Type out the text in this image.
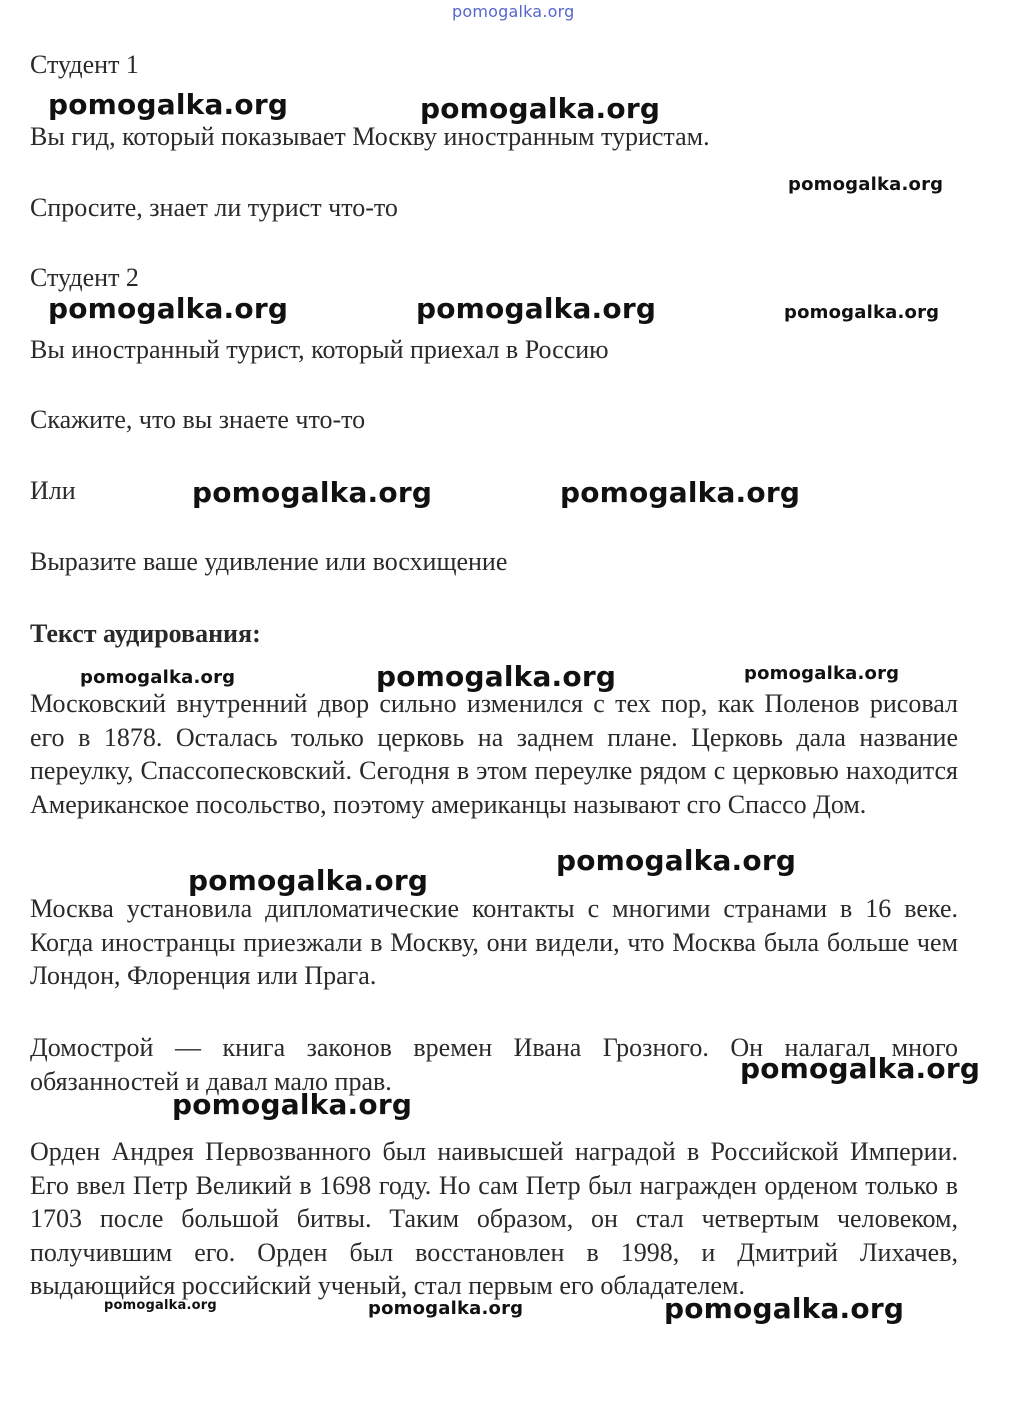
pomogalka.org
Студент 1
Вы гид, который показывает Москву иностранным туристам.
Спросите, знает ли турист что-то
Студент 2
Вы иностранный турист, который приехал в Россию
Скажите, что вы знаете что-то
Или
Выразите ваше удивление или восхищение
Текст аудирования:
Московский внутренний двор сильно изменился с тех пор, как Поленов рисовал его в 1878. Осталась только церковь на заднем плане. Церковь дала название переулку, Спассопесковский. Сегодня в этом переулке рядом с церковью находится Американское посольство, поэтому американцы называют сго Спассо Дом.
Москва установила дипломатические контакты с многими странами в 16 веке. Когда иностранцы приезжали в Москву, они видели, что Москва была больше чем Лондон, Флоренция или Прага.
Домострой — книга законов времен Ивана Грозного. Он налагал много обязанностей и давал мало прав.
Орден Андрея Первозванного был наивысшей наградой в Российской Империи. Его ввел Петр Великий в 1698 году. Но сам Петр был награжден орденом только в 1703 после большой битвы. Таким образом, он стал четвертым человеком, получившим его. Орден был восстановлен в 1998, и Дмитрий Лихачев, выдающийся российский ученый, стал первым его обладателем.
pomogalka.org	pomogalka.org
pomogalka.org
pomogalka.org	pomogalka.org	pomogalka.org
pomogalka.org	pomogalka.org
pomogalka.org	pomogalka.org	pomogalka.org
pomogalka.org
pomogalka.org
pomogalka.org
pomogalka.org
pomogalka.org	pomogalka.org	pomogalka.org
